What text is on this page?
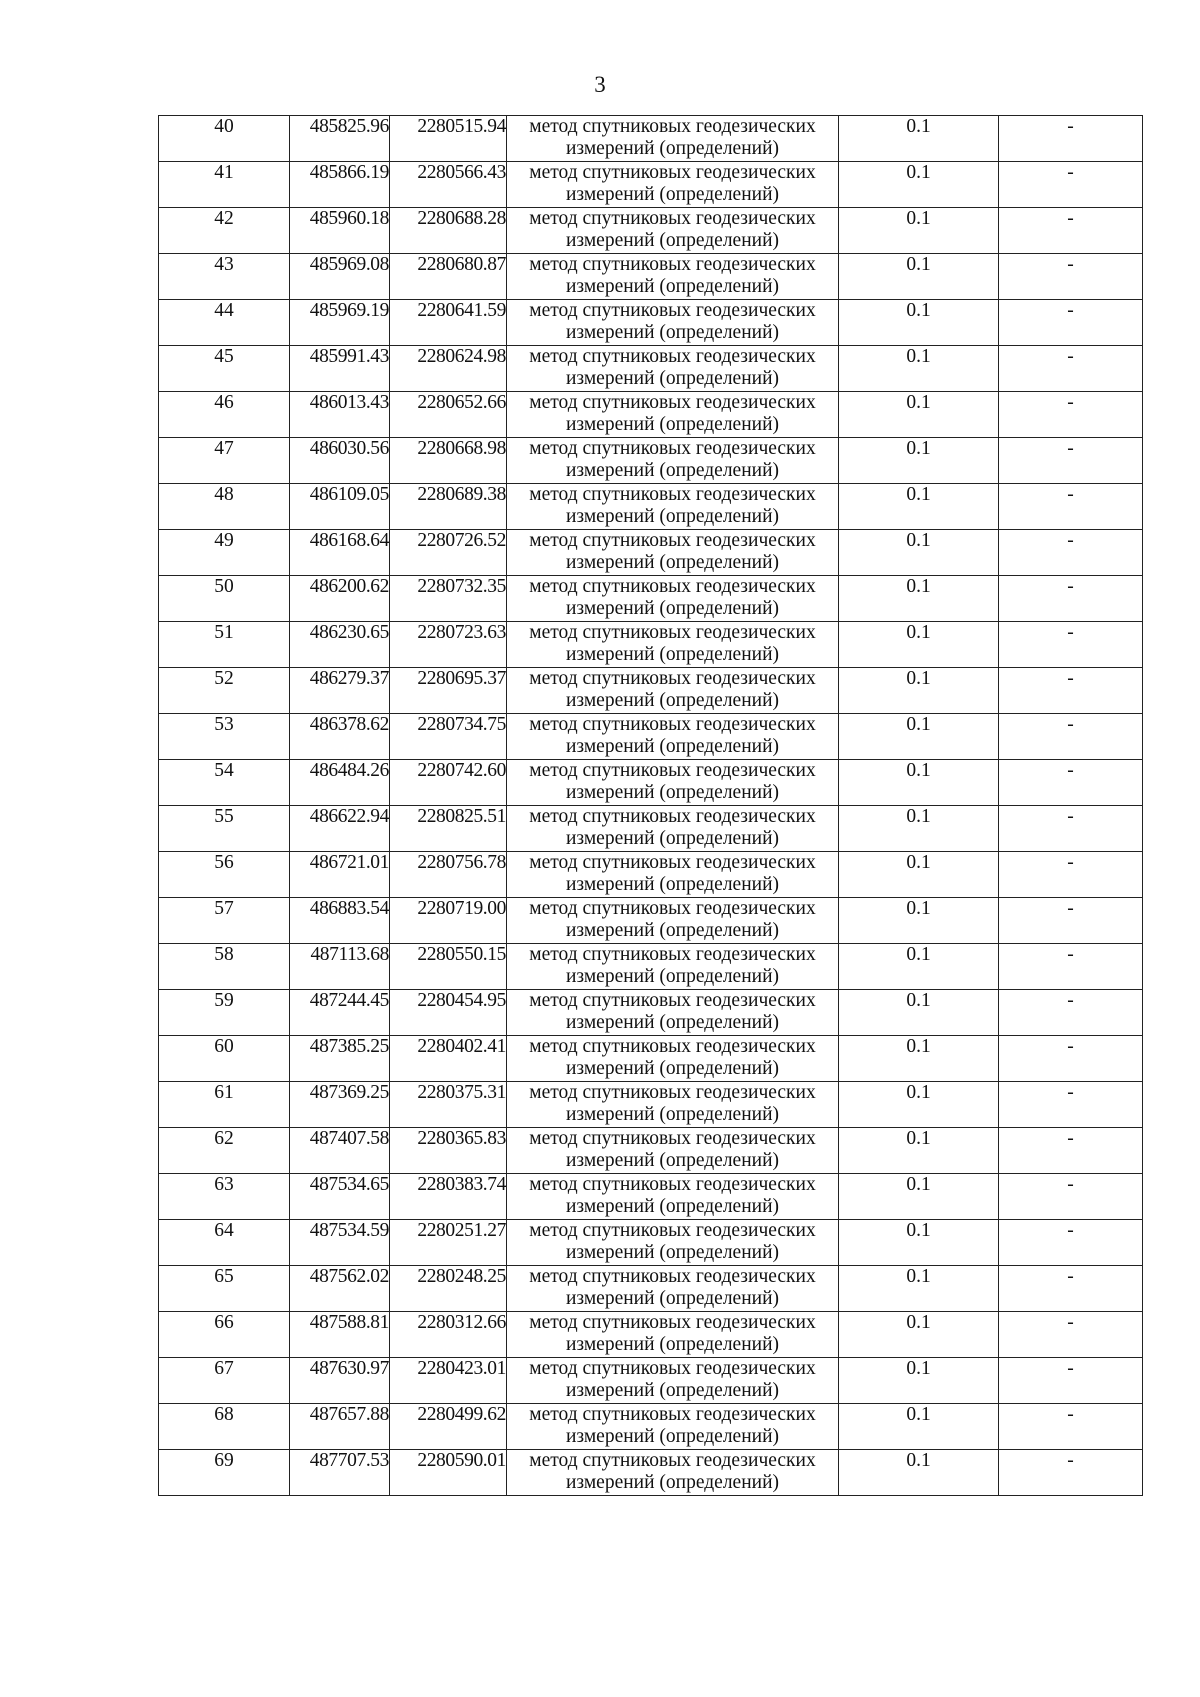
3
40	485825.96	2280515.94	метод спутниковых геодезических измерений (определений)	0.1	-
41	485866.19	2280566.43	метод спутниковых геодезических измерений (определений)	0.1	-
42	485960.18	2280688.28	метод спутниковых геодезических измерений (определений)	0.1	-
43	485969.08	2280680.87	метод спутниковых геодезических измерений (определений)	0.1	-
44	485969.19	2280641.59	метод спутниковых геодезических измерений (определений)	0.1	-
45	485991.43	2280624.98	метод спутниковых геодезических измерений (определений)	0.1	-
46	486013.43	2280652.66	метод спутниковых геодезических измерений (определений)	0.1	-
47	486030.56	2280668.98	метод спутниковых геодезических измерений (определений)	0.1	-
48	486109.05	2280689.38	метод спутниковых геодезических измерений (определений)	0.1	-
49	486168.64	2280726.52	метод спутниковых геодезических измерений (определений)	0.1	-
50	486200.62	2280732.35	метод спутниковых геодезических измерений (определений)	0.1	-
51	486230.65	2280723.63	метод спутниковых геодезических измерений (определений)	0.1	-
52	486279.37	2280695.37	метод спутниковых геодезических измерений (определений)	0.1	-
53	486378.62	2280734.75	метод спутниковых геодезических измерений (определений)	0.1	-
54	486484.26	2280742.60	метод спутниковых геодезических измерений (определений)	0.1	-
55	486622.94	2280825.51	метод спутниковых геодезических измерений (определений)	0.1	-
56	486721.01	2280756.78	метод спутниковых геодезических измерений (определений)	0.1	-
57	486883.54	2280719.00	метод спутниковых геодезических измерений (определений)	0.1	-
58	487113.68	2280550.15	метод спутниковых геодезических измерений (определений)	0.1	-
59	487244.45	2280454.95	метод спутниковых геодезических измерений (определений)	0.1	-
60	487385.25	2280402.41	метод спутниковых геодезических измерений (определений)	0.1	-
61	487369.25	2280375.31	метод спутниковых геодезических измерений (определений)	0.1	-
62	487407.58	2280365.83	метод спутниковых геодезических измерений (определений)	0.1	-
63	487534.65	2280383.74	метод спутниковых геодезических измерений (определений)	0.1	-
64	487534.59	2280251.27	метод спутниковых геодезических измерений (определений)	0.1	-
65	487562.02	2280248.25	метод спутниковых геодезических измерений (определений)	0.1	-
66	487588.81	2280312.66	метод спутниковых геодезических измерений (определений)	0.1	-
67	487630.97	2280423.01	метод спутниковых геодезических измерений (определений)	0.1	-
68	487657.88	2280499.62	метод спутниковых геодезических измерений (определений)	0.1	-
69	487707.53	2280590.01	метод спутниковых геодезических измерений (определений)	0.1	-
